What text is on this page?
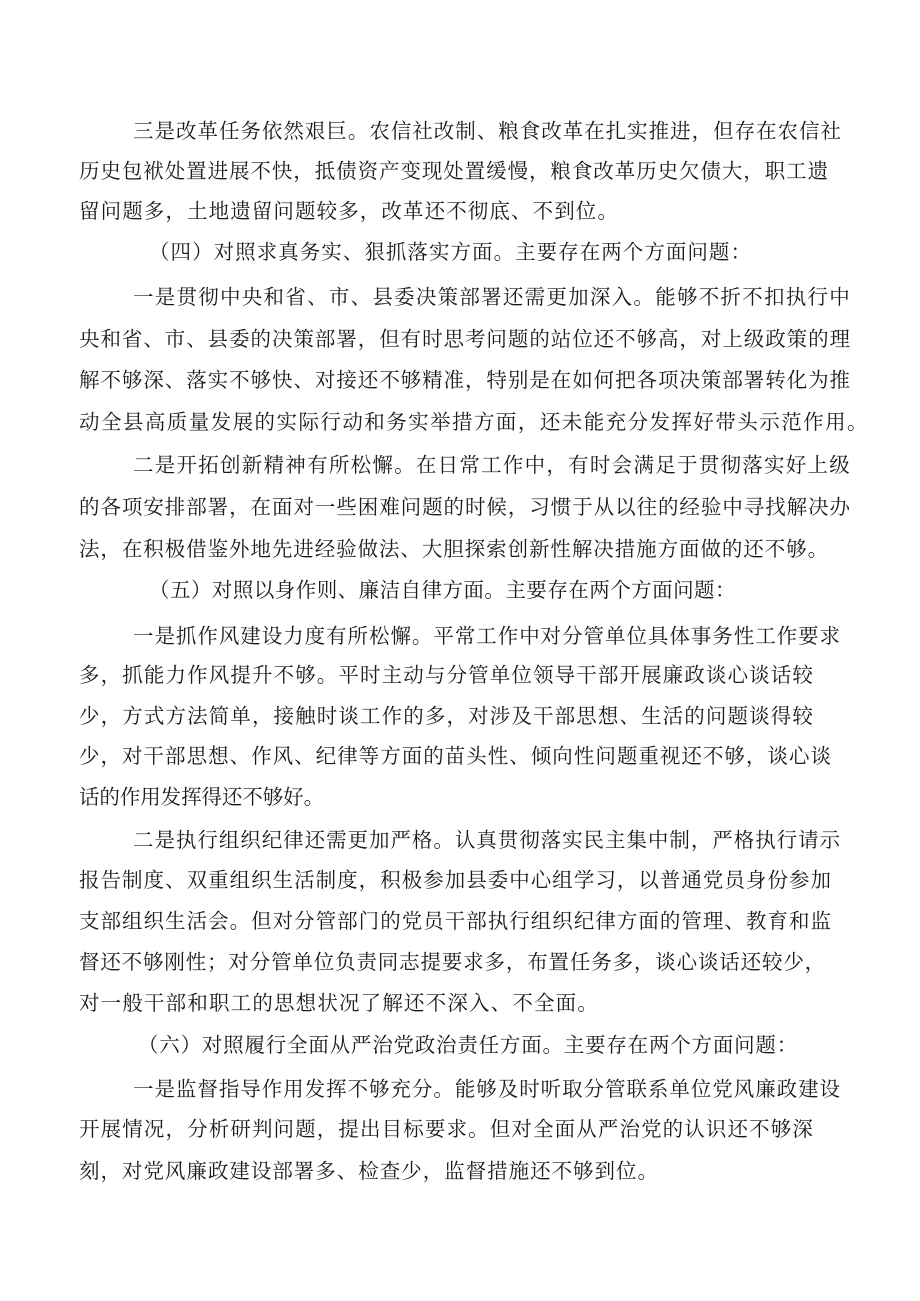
三是改革任务依然艰巨。农信社改制、粮食改革在扎实推进，但存在农信社
历史包袱处置进展不快，抵债资产变现处置缓慢，粮食改革历史欠债大，职工遗
留问题多，土地遗留问题较多，改革还不彻底、不到位。
（四）对照求真务实、狠抓落实方面。主要存在两个方面问题：
一是贯彻中央和省、市、县委决策部署还需更加深入。能够不折不扣执行中
央和省、市、县委的决策部署，但有时思考问题的站位还不够高，对上级政策的理
解不够深、落实不够快、对接还不够精准，特别是在如何把各项决策部署转化为推
动全县高质量发展的实际行动和务实举措方面，还未能充分发挥好带头示范作用。
二是开拓创新精神有所松懈。在日常工作中，有时会满足于贯彻落实好上级
的各项安排部署，在面对一些困难问题的时候，习惯于从以往的经验中寻找解决办
法，在积极借鉴外地先进经验做法、大胆探索创新性解决措施方面做的还不够。
（五）对照以身作则、廉洁自律方面。主要存在两个方面问题：
一是抓作风建设力度有所松懈。平常工作中对分管单位具体事务性工作要求
多，抓能力作风提升不够。平时主动与分管单位领导干部开展廉政谈心谈话较
少，方式方法简单，接触时谈工作的多，对涉及干部思想、生活的问题谈得较
少，对干部思想、作风、纪律等方面的苗头性、倾向性问题重视还不够，谈心谈
话的作用发挥得还不够好。
二是执行组织纪律还需更加严格。认真贯彻落实民主集中制，严格执行请示
报告制度、双重组织生活制度，积极参加县委中心组学习，以普通党员身份参加
支部组织生活会。但对分管部门的党员干部执行组织纪律方面的管理、教育和监
督还不够刚性；对分管单位负责同志提要求多，布置任务多，谈心谈话还较少，
对一般干部和职工的思想状况了解还不深入、不全面。
（六）对照履行全面从严治党政治责任方面。主要存在两个方面问题：
一是监督指导作用发挥不够充分。能够及时听取分管联系单位党风廉政建设
开展情况，分析研判问题，提出目标要求。但对全面从严治党的认识还不够深
刻，对党风廉政建设部署多、检查少，监督措施还不够到位。
